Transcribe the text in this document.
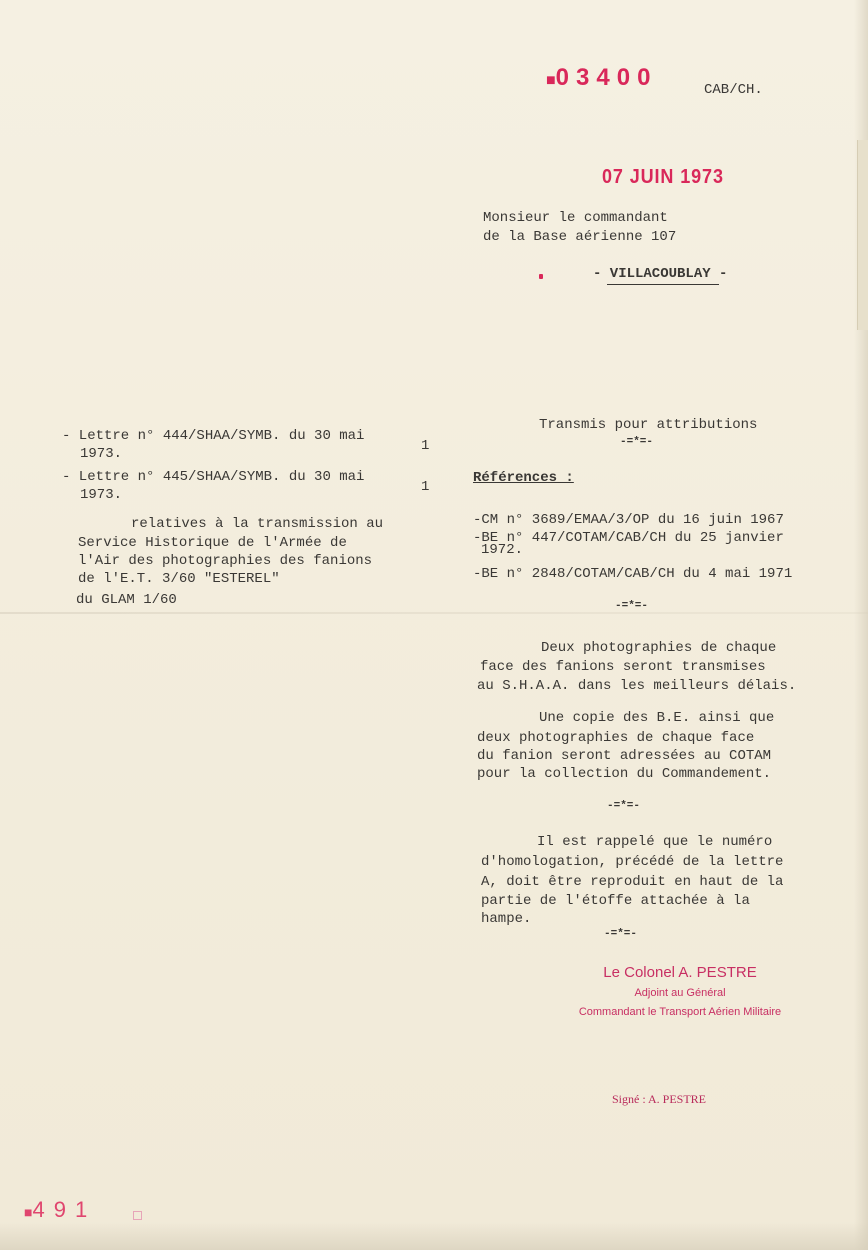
■03400	CAB/CH.
07 JUIN 1973
Monsieur le commandant
de la Base aérienne 107
- VILLACOUBLAY -
- Lettre n° 444/SHAA/SYMB. du 30 mai
1
1973.
- Lettre n° 445/SHAA/SYMB. du 30 mai
1
1973.
relatives à la transmission au
Service Historique de l'Armée de
l'Air des photographies des fanions
de l'E.T. 3/60 "ESTEREL"
du GLAM 1/60
Transmis pour attributions
-=*=-
Références :
-CM n° 3689/EMAA/3/OP du 16 juin 1967
-BE n° 447/COTAM/CAB/CH du 25 janvier
1972.
-BE n° 2848/COTAM/CAB/CH du 4 mai 1971
-=*=-
Deux photographies de chaque
face des fanions seront transmises
au S.H.A.A. dans les meilleurs délais.
Une copie des B.E. ainsi que
deux photographies de chaque face
du fanion seront adressées au COTAM
pour la collection du Commandement.
-=*=-
Il est rappelé que le numéro
d'homologation, précédé de la lettre
A, doit être reproduit en haut de la
partie de l'étoffe attachée à la
hampe.
-=*=-
Le Colonel A. PESTRE
Adjoint au Général
Commandant le Transport Aérien Militaire
Signé : A. PESTRE
■491
